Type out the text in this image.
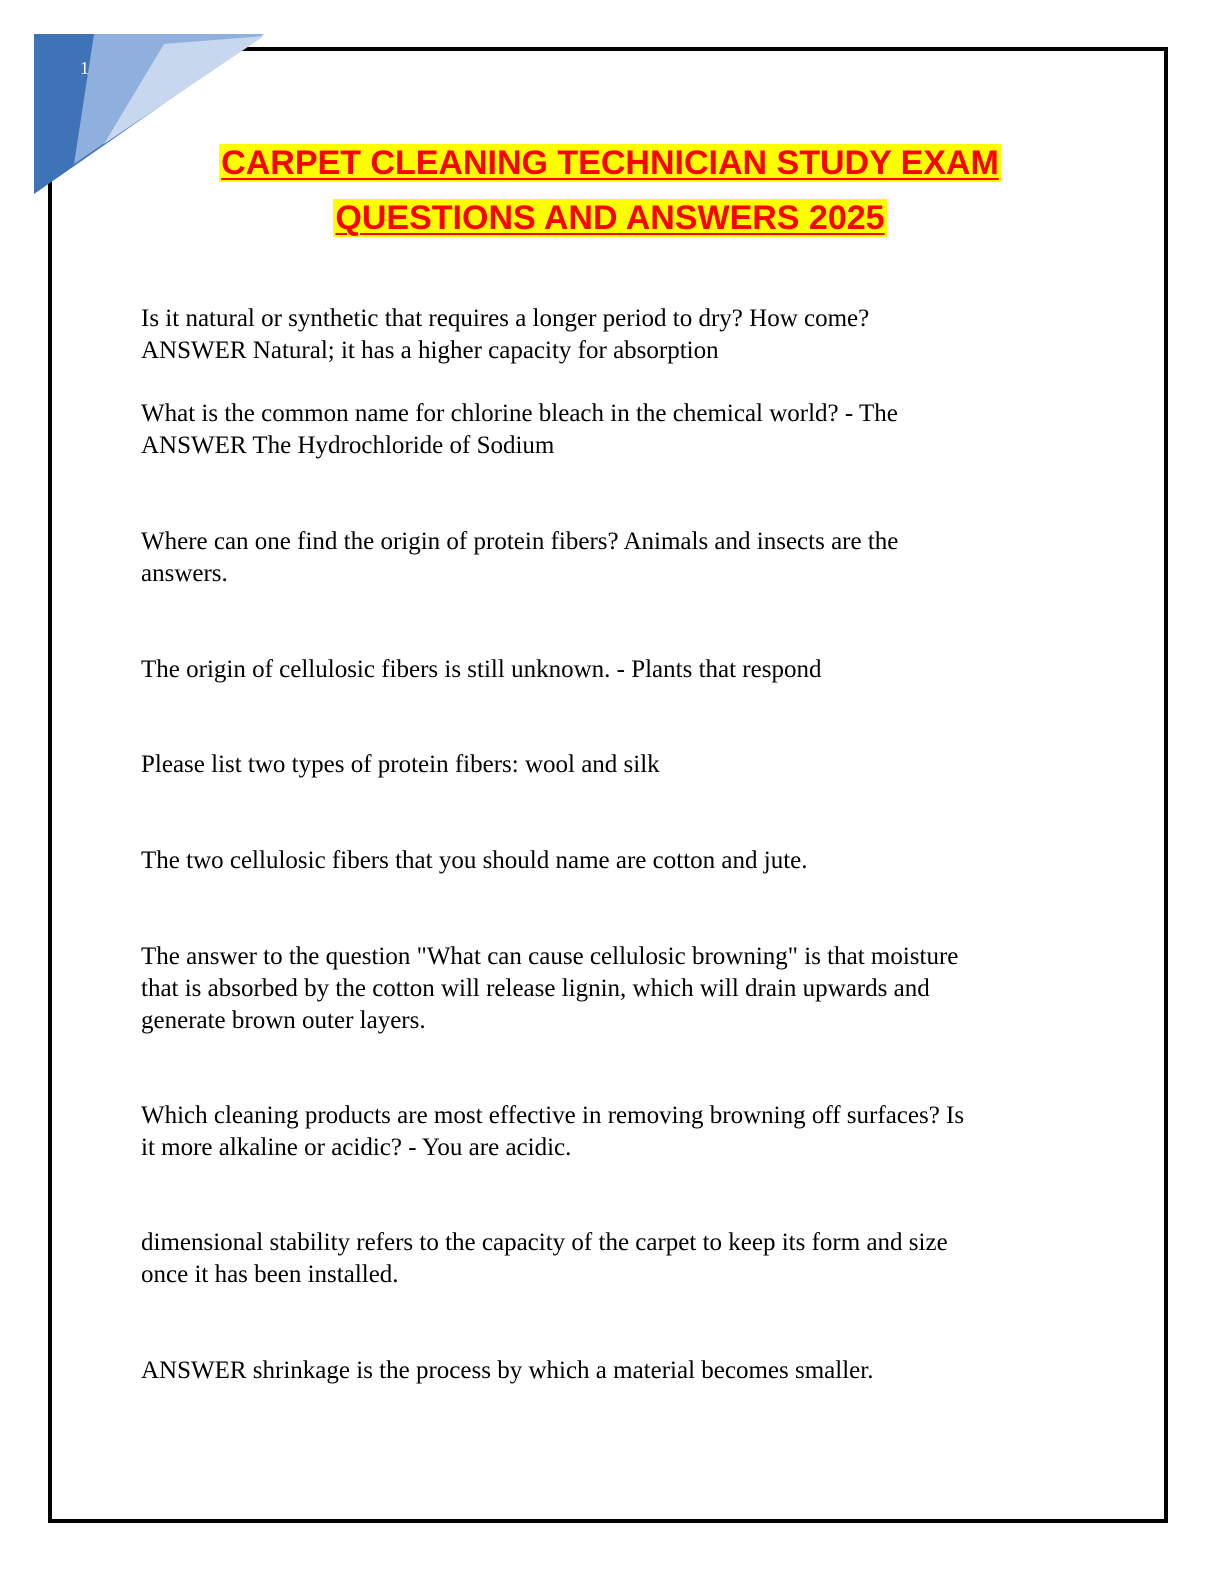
1
CARPET CLEANING TECHNICIAN STUDY EXAM
QUESTIONS AND ANSWERS 2025

Is it natural or synthetic that requires a longer period to dry? How come?

ANSWER Natural; it has a higher capacity for absorption

What is the common name for chlorine bleach in the chemical world? - The

ANSWER The Hydrochloride of Sodium

Where can one find the origin of protein fibers? Animals and insects are the

answers.

The origin of cellulosic fibers is still unknown. - Plants that respond

Please list two types of protein fibers: wool and silk

The two cellulosic fibers that you should name are cotton and jute.

The answer to the question "What can cause cellulosic browning" is that moisture

that is absorbed by the cotton will release lignin, which will drain upwards and

generate brown outer layers.

Which cleaning products are most effective in removing browning off surfaces? Is

it more alkaline or acidic? - You are acidic.

dimensional stability refers to the capacity of the carpet to keep its form and size

once it has been installed.

ANSWER shrinkage is the process by which a material becomes smaller.
